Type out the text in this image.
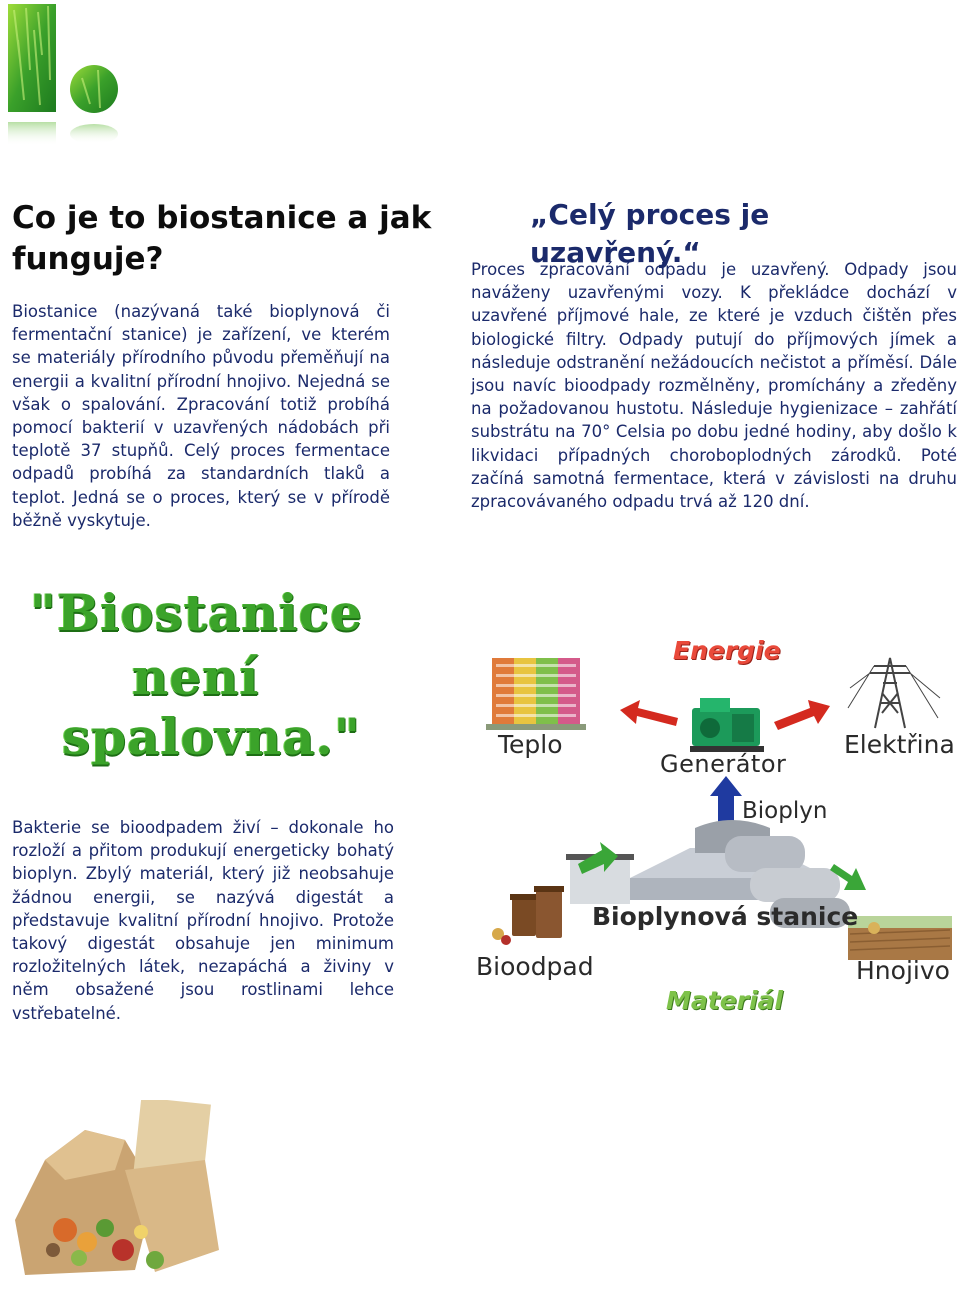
Co je to biostanice a jak funguje?
„Celý proces je uzavřený.“

Biostanice (nazývaná také bioplynová či fermentační stanice) je zařízení, ve kterém se materiály přírodního původu přeměňují na energii a kvalitní přírodní hnojivo. Nejedná se však o spalování. Zpracování totiž probíhá pomocí bakterií v uzavřených nádobách při teplotě 37 stupňů. Celý proces fermentace odpadů probíhá za standardních tlaků a teplot. Jedná se o proces, který se v přírodě běžně vyskytuje.

Proces zpracování odpadu je uzavřený. Odpady jsou naváženy uzavřenými vozy. K překládce dochází v uzavřené příjmové hale, ze které je vzduch čištěn přes biologické filtry. Odpady putují do příjmových jímek a následuje odstranění nežádoucích nečistot a příměsí. Dále jsou navíc bioodpady rozmělněny, promíchány a zředěny na požadovanou hustotu. Následuje hygienizace – zahřátí substrátu na 70° Celsia po dobu jedné hodiny, aby došlo k likvidaci případných choroboplodných zárodků. Poté začíná samotná fermentace, která v závislosti na druhu zpracovávaného odpadu trvá až 120 dní.

"Biostanice
není
spalovna."

Bakterie se bioodpadem živí – dokonale ho rozloží a přitom produkují energeticky bohatý bioplyn. Zbylý materiál, který již neobsahuje žádnou energii, se nazývá digestát a představuje kvalitní přírodní hnojivo. Protože takový digestát obsahuje jen minimum rozložitelných látek, nezapáchá a živiny v něm obsažené jsou rostlinami lehce vstřebatelné.

Energie
Teplo
Generátor
Elektřina
Bioplyn
Bioplynová stanice
Bioodpad	Hnojivo
Materiál
